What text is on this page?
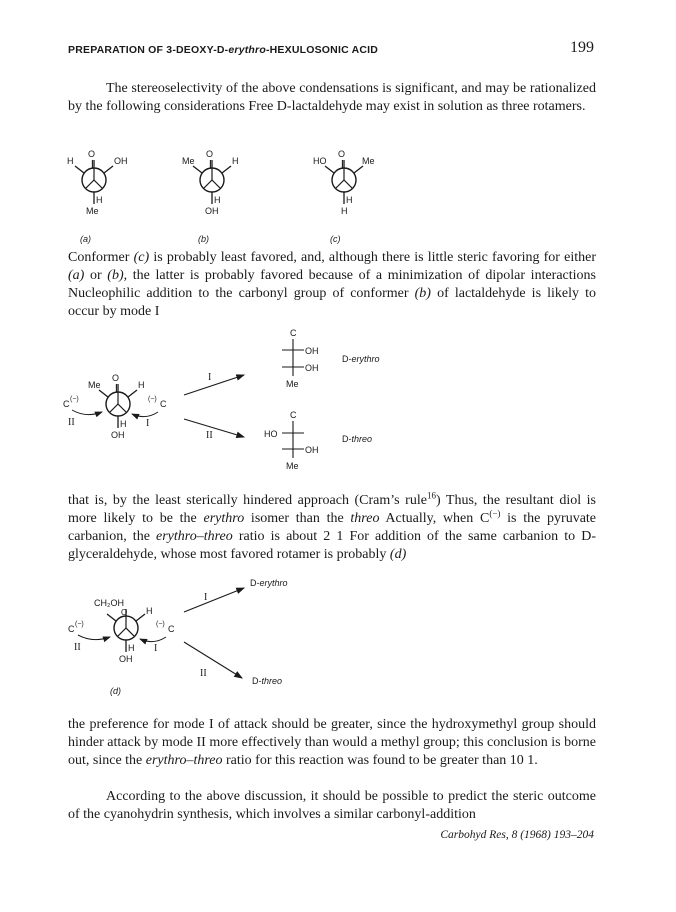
PREPARATION OF 3-DEOXY-D-erythro-HEXULOSONIC ACID	199

The stereoselectivity of the above condensations is significant, and may be rationalized by the following considerations Free D-lactaldehyde may exist in solution as three rotamers.

O
H	OH
H
Me
(a)
O
Me	H
H
OH
(b)
O
HO	Me
H
H
(c)

Conformer (c) is probably least favored, and, although there is little steric favoring for either (a) or (b), the latter is probably favored because of a minimization of dipolar interactions Nucleophilic addition to the carbonyl group of conformer (b) of lactaldehyde is likely to occur by mode I

O
Me	H
H
OH
C (−)	(−) C
II	I
I
II
C
OH
OH
Me
D-erythro
C
HO
OH
Me
D-threo

that is, by the least sterically hindered approach (Cram’s rule$^{16}$) Thus, the resultant diol is more likely to be the erythro isomer than the threo Actually, when C(−) is the pyruvate carbanion, the erythro–threo ratio is about 2 1 For addition of the same carbanion to D-glyceraldehyde, whose most favored rotamer is probably (d)

CH₂OH
O H
H
OH
C (−)	(−) C
II	I
(d)
I
II
D-erythro
D-threo

the preference for mode I of attack should be greater, since the hydroxymethyl group should hinder attack by mode II more effectively than would a methyl group; this conclusion is borne out, since the erythro–threo ratio for this reaction was found to be greater than 10 1.

According to the above discussion, it should be possible to predict the steric outcome of the cyanohydrin synthesis, which involves a similar carbonyl-addition

Carbohyd Res, 8 (1968) 193–204
